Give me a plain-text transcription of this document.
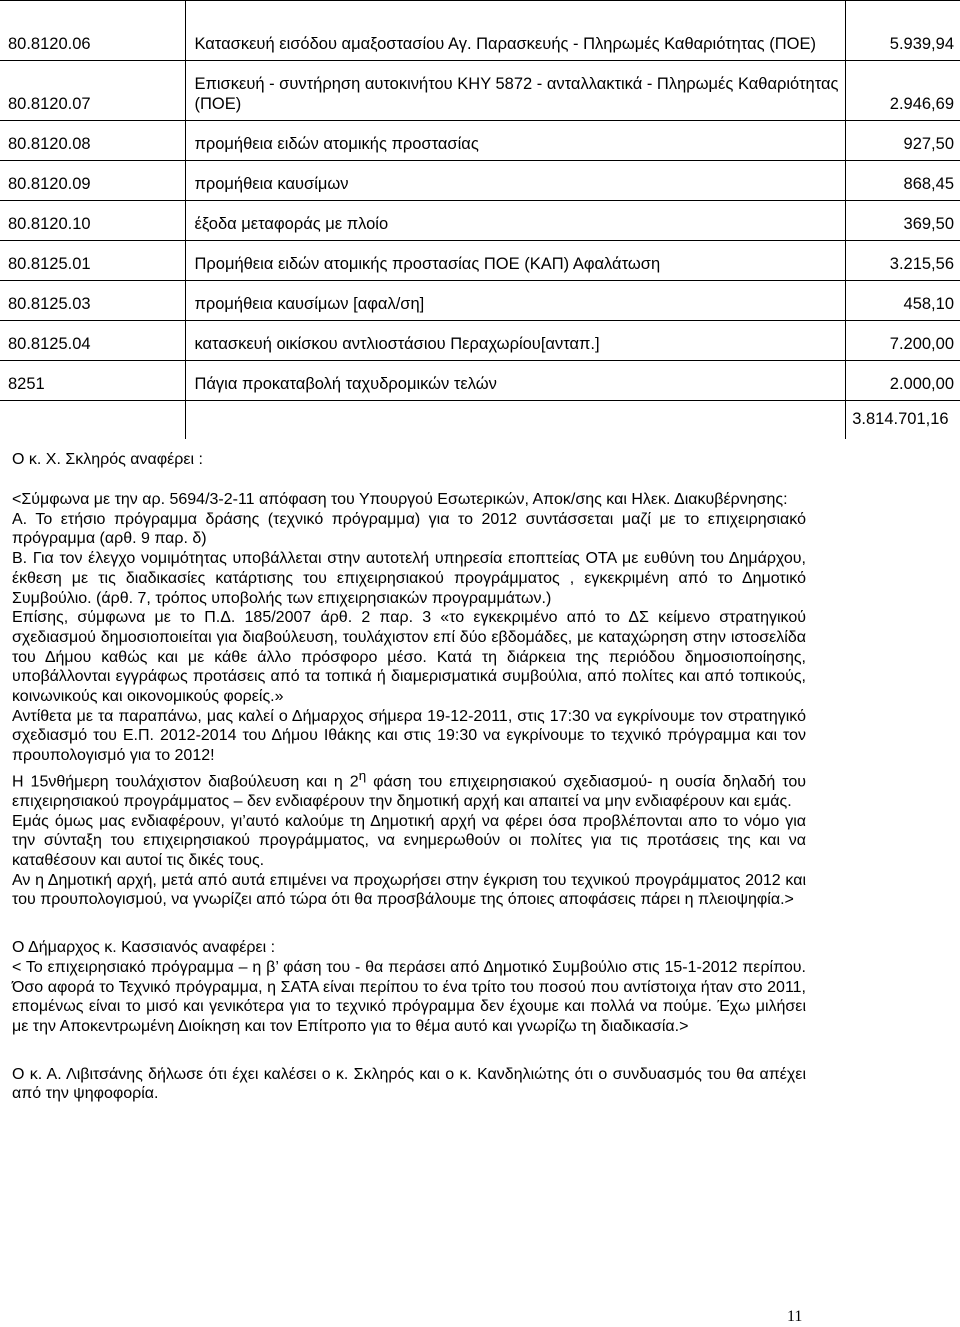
80.8120.06	Κατασκευή εισόδου αμαξοστασίου Αγ. Παρασκευής - Πληρωμές Καθαριότητας (ΠΟΕ)	5.939,94
80.8120.07	Επισκευή - συντήρηση αυτοκινήτου ΚΗΥ 5872 - ανταλλακτικά - Πληρωμές Καθαριότητας (ΠΟΕ)	2.946,69
80.8120.08	προμήθεια ειδών ατομικής προστασίας	927,50
80.8120.09	προμήθεια καυσίμων	868,45
80.8120.10	έξοδα μεταφοράς με πλοίο	369,50
80.8125.01	Προμήθεια ειδών ατομικής προστασίας ΠΟΕ (ΚΑΠ) Αφαλάτωση	3.215,56
80.8125.03	προμήθεια καυσίμων [αφαλ/ση]	458,10
80.8125.04	κατασκευή οικίσκου αντλιοστάσιου Περαχωρίου[ανταπ.]	7.200,00
8251	Πάγια προκαταβολή ταχυδρομικών τελών	2.000,00
		3.814.701,16
Ο κ. Χ. Σκληρός αναφέρει :

<Σύμφωνα με την αρ. 5694/3-2-11 απόφαση του Υπουργού Εσωτερικών, Αποκ/σης και Ηλεκ. Διακυβέρνησης:

Α. Το ετήσιο πρόγραμμα δράσης (τεχνικό πρόγραμμα) για το 2012 συντάσσεται μαζί με το επιχειρησιακό πρόγραμμα (αρθ. 9 παρ. δ)

Β. Για τον έλεγχο νομιμότητας υποβάλλεται στην αυτοτελή υπηρεσία εποπτείας ΟΤΑ με ευθύνη του Δημάρχου, έκθεση με τις διαδικασίες κατάρτισης του επιχειρησιακού προγράμματος , εγκεκριμένη από το Δημοτικό Συμβούλιο. (άρθ. 7, τρόπος υποβολής των επιχειρησιακών προγραμμάτων.)

Επίσης, σύμφωνα με το Π.Δ. 185/2007 άρθ. 2 παρ. 3 «το εγκεκριμένο από το ΔΣ κείμενο στρατηγικού σχεδιασμού δημοσιοποιείται για διαβούλευση, τουλάχιστον επί δύο εβδομάδες, με καταχώρηση στην ιστοσελίδα του Δήμου καθώς και με κάθε άλλο πρόσφορο μέσο. Κατά τη διάρκεια της περιόδου δημοσιοποίησης, υποβάλλονται εγγράφως προτάσεις από τα τοπικά ή διαμερισματικά συμβούλια, από πολίτες και από τοπικούς, κοινωνικούς και οικονομικούς φορείς.»

Αντίθετα με τα παραπάνω, μας καλεί ο Δήμαρχος σήμερα 19-12-2011, στις 17:30 να εγκρίνουμε τον στρατηγικό σχεδιασμό του Ε.Π. 2012-2014 του Δήμου Ιθάκης και στις 19:30 να εγκρίνουμε το τεχνικό πρόγραμμα και τον προυπολογισμό για το 2012!

Η 15νθήμερη τουλάχιστον διαβούλευση και η $2^\eta$ φάση του επιχειρησιακού σχεδιασμού- η ουσία δηλαδή του επιχειρησιακού προγράμματος – δεν ενδιαφέρουν την δημοτική αρχή και απαιτεί να μην ενδιαφέρουν και εμάς.

Εμάς όμως μας ενδιαφέρουν, γι’αυτό καλούμε τη Δημοτική αρχή να φέρει όσα προβλέπονται απο το νόμο για την σύνταξη του επιχειρησιακού προγράμματος, να ενημερωθούν οι πολίτες για τις προτάσεις της και να καταθέσουν και αυτοί τις δικές τους.

Αν η Δημοτική αρχή, μετά από αυτά επιμένει να προχωρήσει στην έγκριση του τεχνικού προγράμματος 2012 και του προυπολογισμού, να γνωρίζει από τώρα ότι θα προσβάλουμε της όποιες αποφάσεις πάρει η πλειοψηφία.>

Ο Δήμαρχος κ. Κασσιανός αναφέρει :

< Το επιχειρησιακό πρόγραμμα – η β’ φάση του - θα περάσει από Δημοτικό Συμβούλιο στις 15-1-2012 περίπου. Όσο αφορά το Τεχνικό πρόγραμμα, η ΣΑΤΑ είναι περίπου το ένα τρίτο του ποσού που αντίστοιχα ήταν στο 2011, επομένως είναι το μισό και γενικότερα για το τεχνικό πρόγραμμα δεν έχουμε και πολλά να πούμε. Έχω μιλήσει με την Αποκεντρωμένη Διοίκηση και τον Επίτροπο για το θέμα αυτό και γνωρίζω τη διαδικασία.>

Ο κ. Α. Λιβιτσάνης δήλωσε ότι έχει καλέσει ο κ. Σκληρός και ο κ. Κανδηλιώτης ότι ο συνδυασμός του θα απέχει από την ψηφοφορία.

11
